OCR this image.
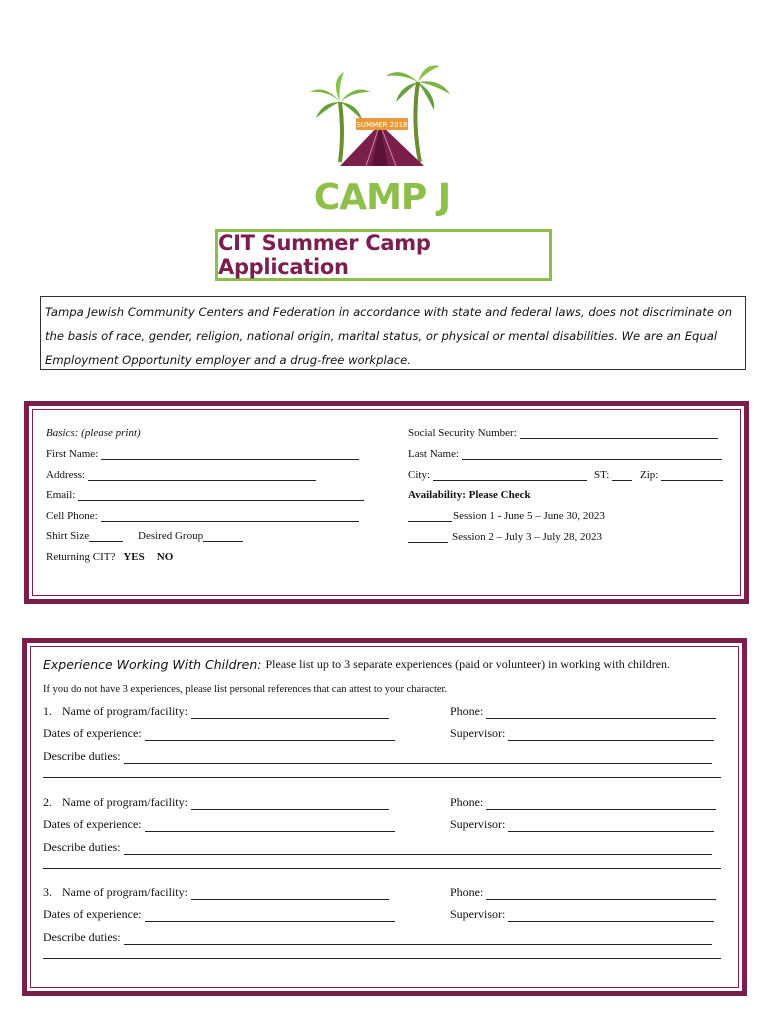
SUMMER 2018
CAMP J
CIT Summer Camp Application
Tampa Jewish Community Centers and Federation in accordance with state and federal laws, does not discriminate on the basis of race, gender, religion, national origin, marital status, or physical or mental disabilities. We are an Equal Employment Opportunity employer and a drug-free workplace.
Basics: (please print)
First Name:
Address:
Email:
Cell Phone:
Shirt Size	Desired Group
Returning CIT? YES NO
Social Security Number:
Last Name:
City:	ST:	Zip:
Availability: Please Check
Session 1 - June 5 – June 30, 2023
Session 2 – July 3 – July 28, 2023
Experience Working With Children: Please list up to 3 separate experiences (paid or volunteer) in working with children.
If you do not have 3 experiences, please list personal references that can attest to your character.
1. Name of program/facility:	Phone:
Dates of experience:	Supervisor:
Describe duties:
2. Name of program/facility:	Phone:
Dates of experience:	Supervisor:
Describe duties:
3. Name of program/facility:	Phone:
Dates of experience:	Supervisor:
Describe duties:
